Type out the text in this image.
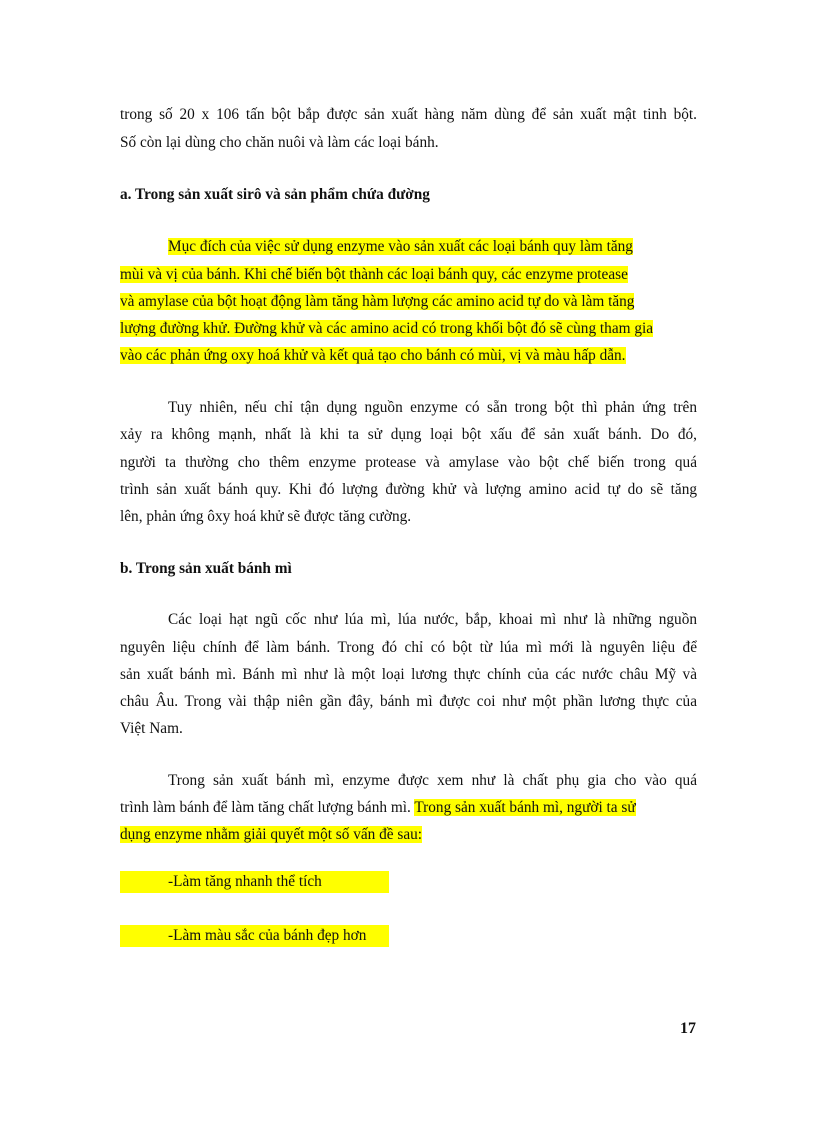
trong số 20 x 106 tấn bột bắp được sản xuất hàng năm dùng để sản xuất mật tinh bột.
Số còn lại dùng cho chăn nuôi và làm các loại bánh.
a. Trong sản xuất sirô và sản phẩm chứa đường
Mục đích của việc sử dụng enzyme vào sản xuất các loại bánh quy làm tăng
mùi và vị của bánh. Khi chế biến bột thành các loại bánh quy, các enzyme protease
và amylase của bột hoạt động làm tăng hàm lượng các amino acid tự do và làm tăng
lượng đường khử. Đường khử và các amino acid có trong khối bột đó sẽ cùng tham gia
vào các phản ứng oxy hoá khử và kết quả tạo cho bánh có mùi, vị và màu hấp dẫn.
Tuy nhiên, nếu chỉ tận dụng nguồn enzyme có sẵn trong bột thì phản ứng trên
xảy ra không mạnh, nhất là khi ta sử dụng loại bột xấu để sản xuất bánh. Do đó,
người ta thường cho thêm enzyme protease và amylase vào bột chế biến trong quá
trình sản xuất bánh quy. Khi đó lượng đường khử và lượng amino acid tự do sẽ tăng
lên, phản ứng ôxy hoá khử sẽ được tăng cường.
b. Trong sản xuất bánh mì
Các loại hạt ngũ cốc như lúa mì, lúa nước, bắp, khoai mì như là những nguồn
nguyên liệu chính để làm bánh. Trong đó chỉ có bột từ lúa mì mới là nguyên liệu để
sản xuất bánh mì. Bánh mì như là một loại lương thực chính của các nước châu Mỹ và
châu Âu. Trong vài thập niên gần đây, bánh mì được coi như một phần lương thực của
Việt Nam.
Trong sản xuất bánh mì, enzyme được xem như là chất phụ gia cho vào quá
trình làm bánh để làm tăng chất lượng bánh mì. Trong sản xuất bánh mì, người ta sử
dụng enzyme nhằm giải quyết một số vấn đề sau:
-Làm tăng nhanh thể tích
-Làm màu sắc của bánh đẹp hơn
17
